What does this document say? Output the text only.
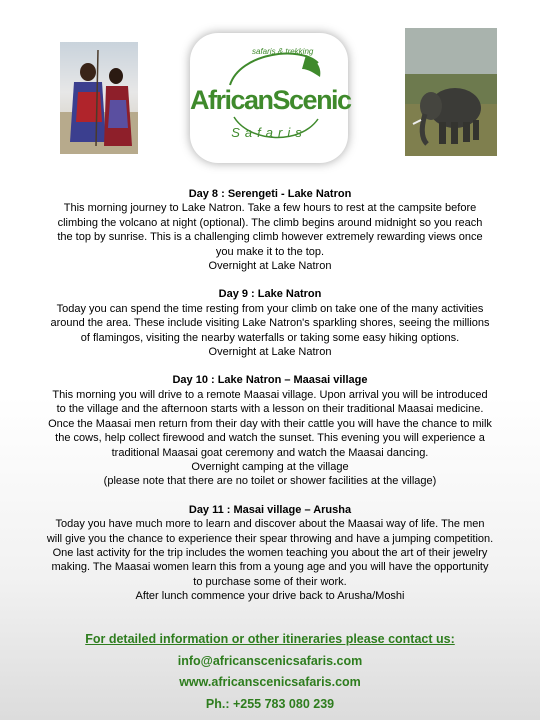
safaris & trekking
AfricanScenic
Safaris
Day 8 : Serengeti - Lake Natron
This morning journey to Lake Natron. Take a few hours to rest at the campsite before
climbing the volcano at night (optional). The climb begins around midnight so you reach
the top by sunrise. This is a challenging climb however extremely rewarding views once
you make it to the top.
Overnight at Lake Natron
Day 9 : Lake Natron
Today you can spend the time resting from your climb on take one of the many activities
around the area. These include visiting Lake Natron's sparkling shores, seeing the millions
of flamingos, visiting the nearby waterfalls or taking some easy hiking options.
Overnight at Lake Natron
Day 10 : Lake Natron – Maasai village
This morning you will drive to a remote Maasai village. Upon arrival you will be introduced
to the village and the afternoon starts with a lesson on their traditional Maasai medicine.
Once the Maasai men return from their day with their cattle you will have the chance to milk
the cows, help collect firewood and watch the sunset. This evening you will experience a
traditional Maasai goat ceremony and watch the Maasai dancing.
Overnight camping at the village
(please note that there are no toilet or shower facilities at the village)
Day 11 : Masai village – Arusha
Today you have much more to learn and discover about the Maasai way of life. The men
will give you the chance to experience their spear throwing and have a jumping competition.
One last activity for the trip includes the women teaching you about the art of their jewelry
making. The Maasai women learn this from a young age and you will have the opportunity
to purchase some of their work.
After lunch commence your drive back to Arusha/Moshi
For detailed information or other itineraries please contact us:
info@africanscenicsafaris.com
www.africanscenicsafaris.com
Ph.: +255 783 080 239
